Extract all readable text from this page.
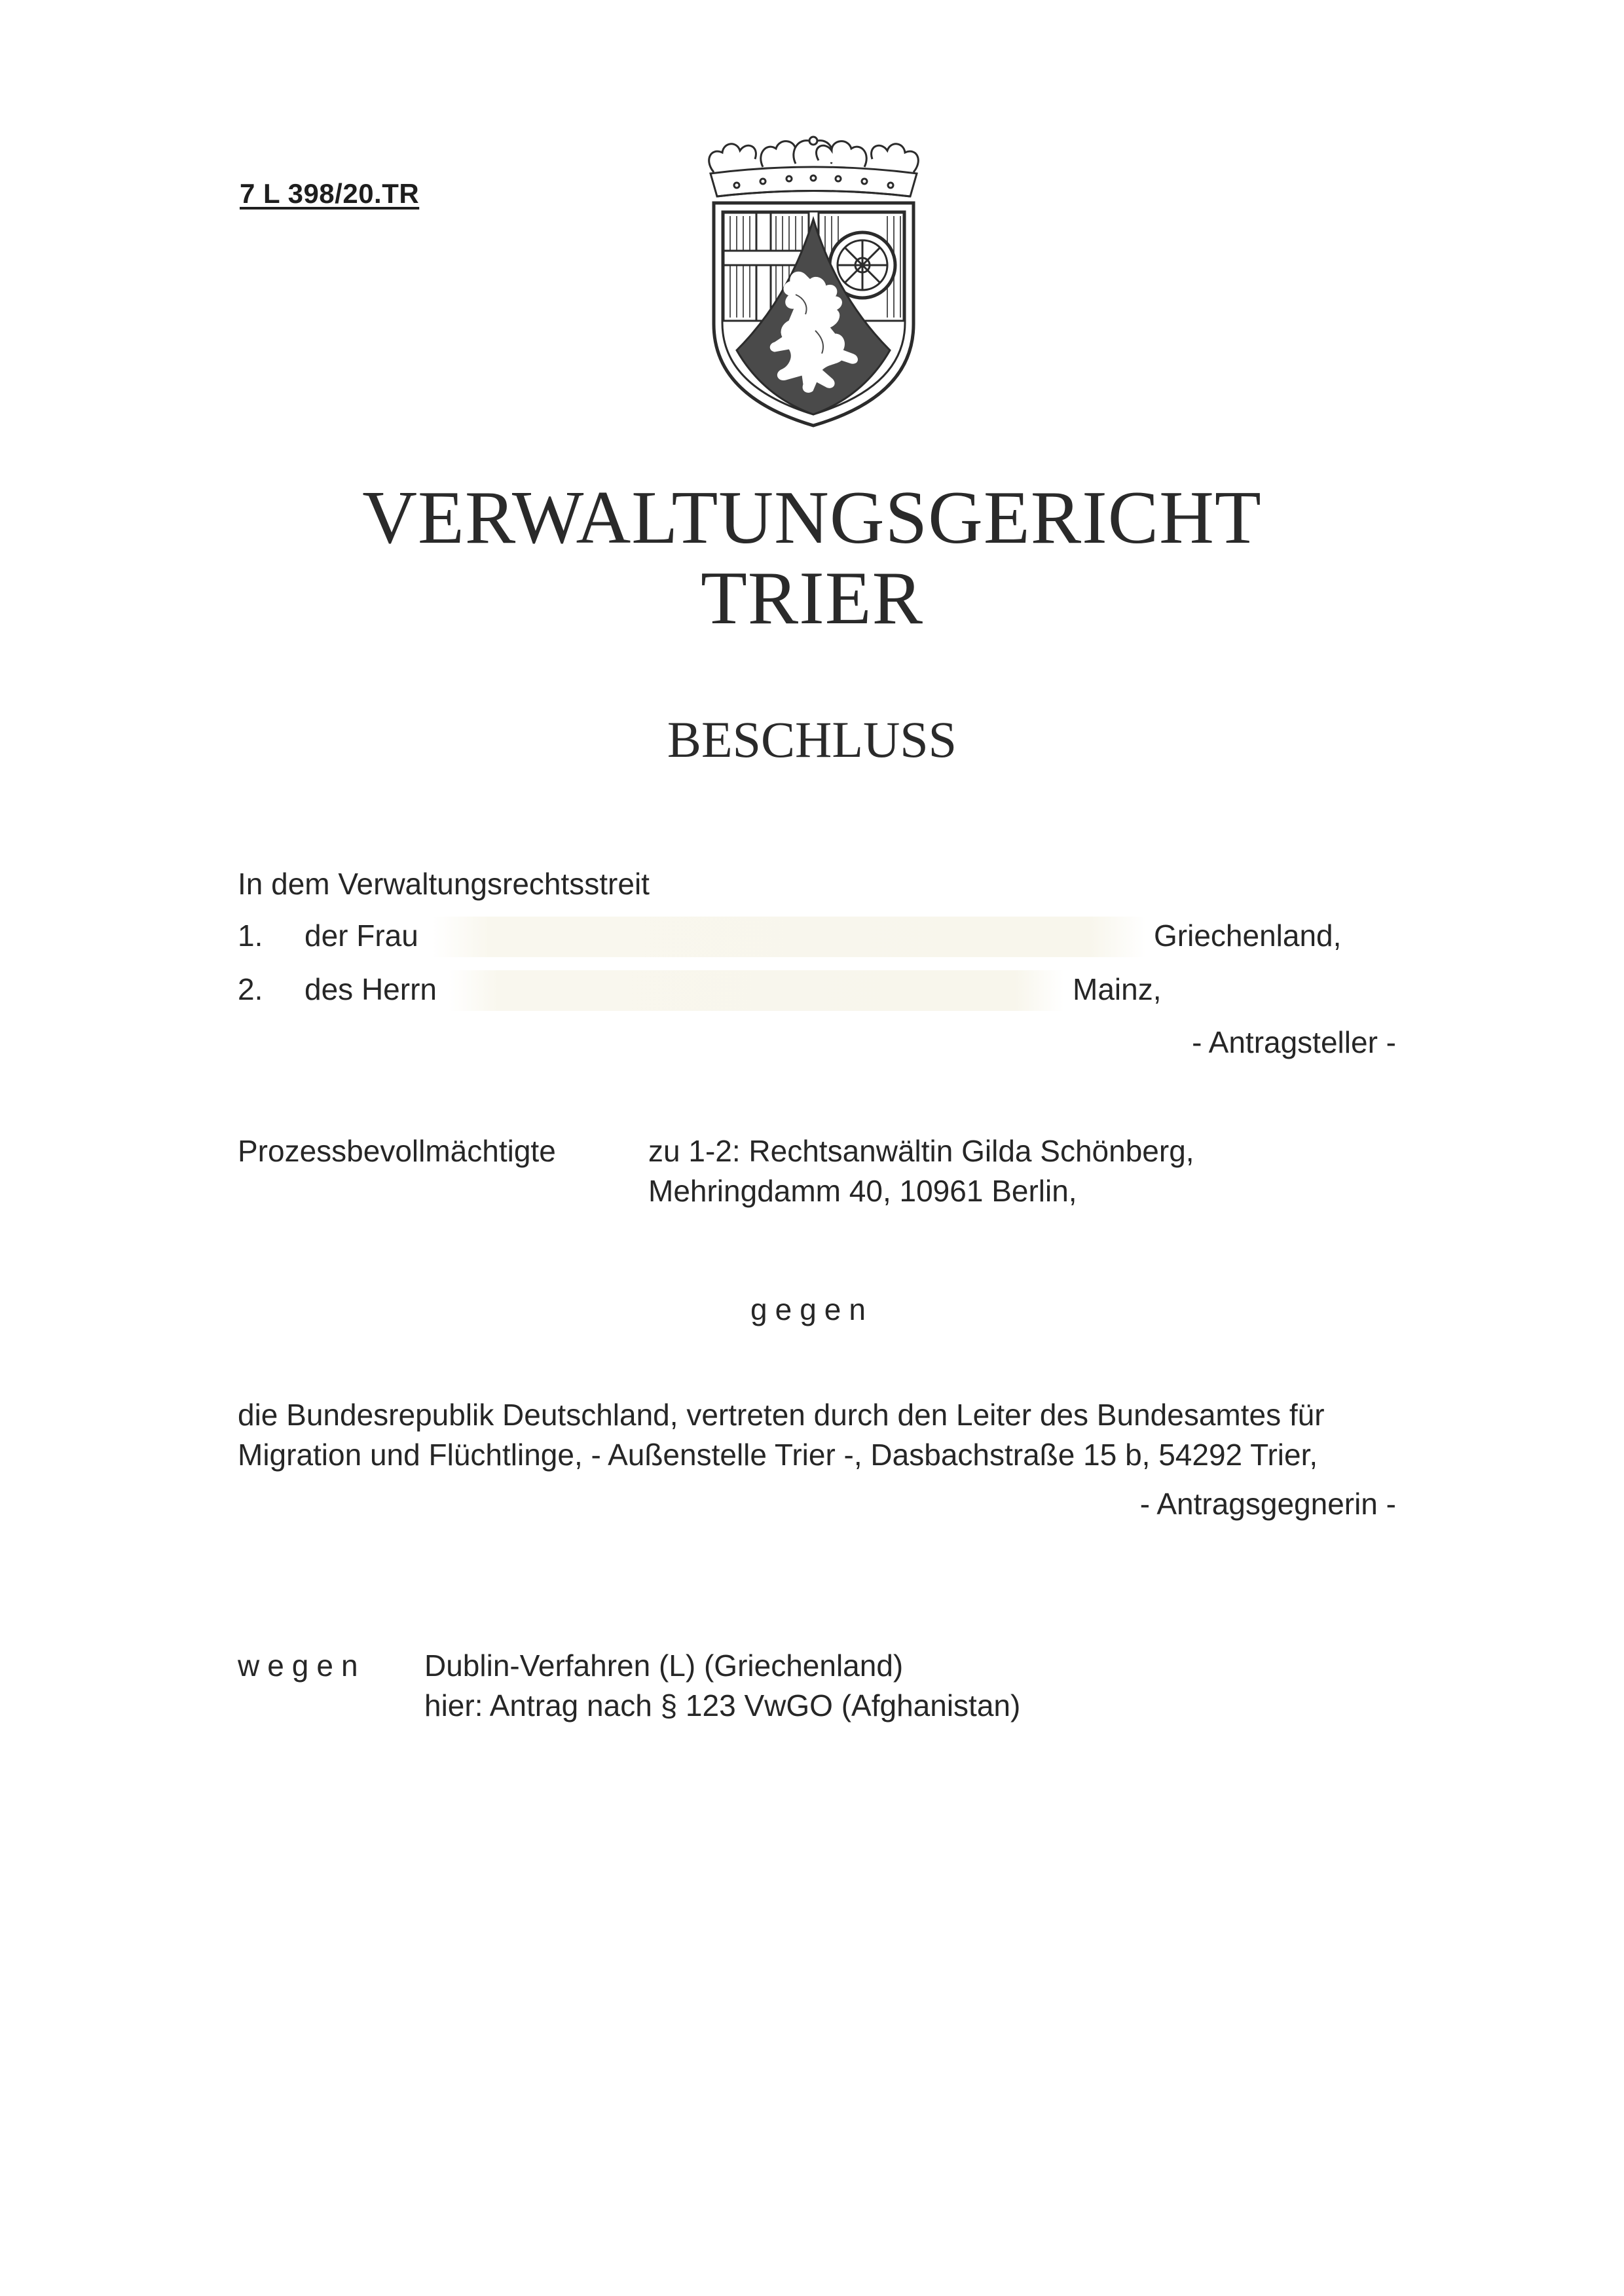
7 L 398/20.TR
VERWALTUNGSGERICHT
TRIER
BESCHLUSS
In dem Verwaltungsrechtsstreit
1. der Frau	Griechenland,
2. des Herrn	Mainz,
- Antragsteller -
Prozessbevollmächtigte	zu 1-2: Rechtsanwältin Gilda Schönberg,
Mehringdamm 40, 10961 Berlin,
gegen
die Bundesrepublik Deutschland, vertreten durch den Leiter des Bundesamtes für
Migration und Flüchtlinge, - Außenstelle Trier -, Dasbachstraße 15 b, 54292 Trier,
- Antragsgegnerin -
wegen Dublin-Verfahren (L) (Griechenland)
hier: Antrag nach § 123 VwGO (Afghanistan)
